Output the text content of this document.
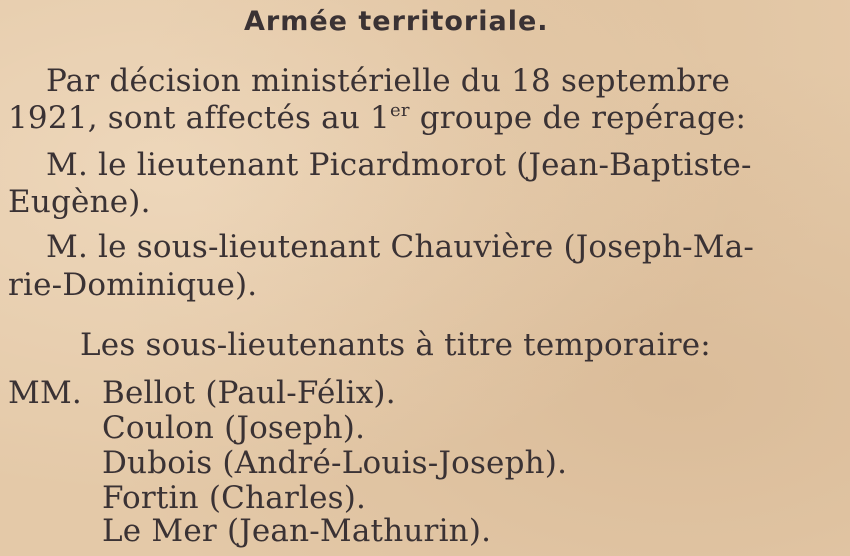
Armée territoriale.
Par décision ministérielle du 18 septembre
1921, sont affectés au 1er groupe de repérage:
M. le lieutenant Picardmorot (Jean-Baptiste-
Eugène).
M. le sous-lieutenant Chauvière (Joseph-Ma-
rie-Dominique).
Les sous-lieutenants à titre temporaire:
MM. Bellot (Paul-Félix).
Coulon (Joseph).
Dubois (André-Louis-Joseph).
Fortin (Charles).
Le Mer (Jean-Mathurin).
